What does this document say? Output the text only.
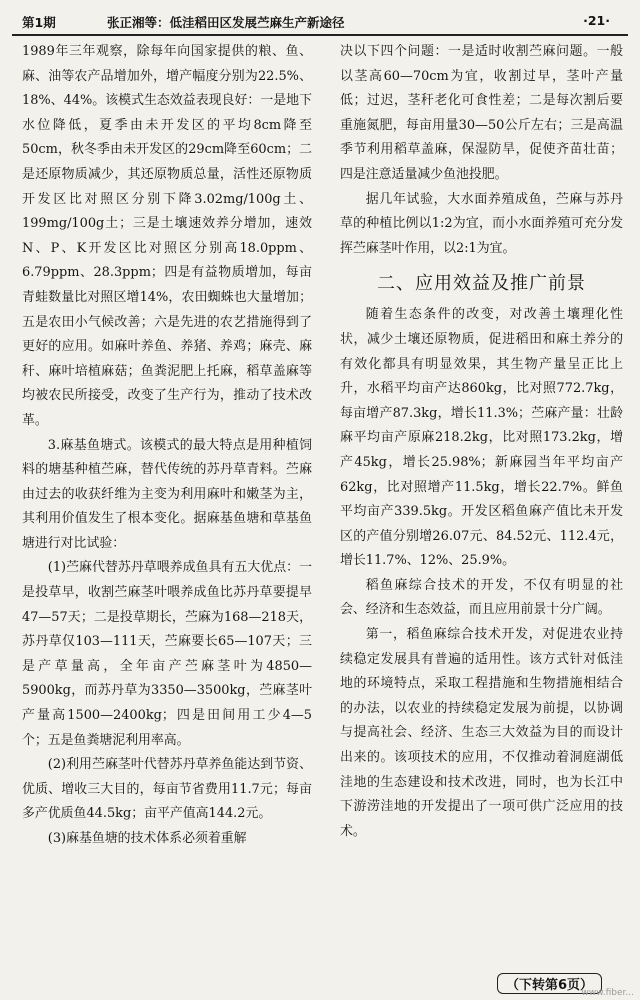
第1期	张正湘等：低洼稻田区发展苎麻生产新途径	·21·

1989年三年观察，除每年向国家提供的粮、鱼、麻、油等农产品增加外，增产幅度分别为22.5%、18%、44%。该模式生态效益表现良好：一是地下水位降低，夏季由未开发区的平均8cm降至50cm，秋冬季由未开发区的29cm降至60cm；二是还原物质减少，其还原物质总量，活性还原物质开发区比对照区分别下降3.02mg/100g土、199mg/100g土；三是土壤速效养分增加，速效N、P、K开发区比对照区分别高18.0ppm、6.79ppm、28.3ppm；四是有益物质增加，每亩青蛙数量比对照区增14%，农田蜘蛛也大量增加；五是农田小气候改善；六是先进的农艺措施得到了更好的应用。如麻叶养鱼、养猪、养鸡；麻壳、麻秆、麻叶培植麻菇；鱼粪泥肥上托麻，稻草盖麻等均被农民所接受，改变了生产行为，推动了技术改革。

3.麻基鱼塘式。该模式的最大特点是用种植饲料的塘基种植苎麻，替代传统的苏丹草青料。苎麻由过去的收获纤维为主变为利用麻叶和嫩茎为主，其利用价值发生了根本变化。据麻基鱼塘和草基鱼塘进行对比试验：

(1)苎麻代替苏丹草喂养成鱼具有五大优点：一是投草早，收割苎麻茎叶喂养成鱼比苏丹草要提早47—57天；二是投草期长，苎麻为168—218天，苏丹草仅103—111天，苎麻要长65—107天；三是产草量高，全年亩产苎麻茎叶为4850—5900kg，而苏丹草为3350—3500kg，苎麻茎叶产量高1500—2400kg；四是田间用工少4—5个；五是鱼粪塘泥利用率高。

(2)利用苎麻茎叶代替苏丹草养鱼能达到节资、优质、增收三大目的，每亩节省费用11.7元；每亩多产优质鱼44.5kg；亩平产值高144.2元。

(3)麻基鱼塘的技术体系必须着重解

决以下四个问题：一是适时收割苎麻问题。一般以茎高60—70cm为宜，收割过早，茎叶产量低；过迟，茎秆老化可食性差；二是每次割后要重施氮肥，每亩用量30—50公斤左右；三是高温季节利用稻草盖麻，保湿防旱，促使齐苗壮苗；四是注意适量减少鱼池投肥。

据几年试验，大水面养殖成鱼，苎麻与苏丹草的种植比例以1:2为宜，而小水面养殖可充分发挥苎麻茎叶作用，以2:1为宜。

二、应用效益及推广前景

随着生态条件的改变，对改善土壤理化性状，减少土壤还原物质，促进稻田和麻土养分的有效化都具有明显效果，其生物产量呈正比上升，水稻平均亩产达860kg，比对照772.7kg，每亩增产87.3kg，增长11.3%；苎麻产量：壮龄麻平均亩产原麻218.2kg，比对照173.2kg，增产45kg，增长25.98%；新麻园当年平均亩产62kg，比对照增产11.5kg，增长22.7%。鲜鱼平均亩产339.5kg。开发区稻鱼麻产值比未开发区的产值分别增26.07元、84.52元、112.4元，增长11.7%、12%、25.9%。

稻鱼麻综合技术的开发，不仅有明显的社会、经济和生态效益，而且应用前景十分广阔。

第一，稻鱼麻综合技术开发，对促进农业持续稳定发展具有普遍的适用性。该方式针对低洼地的环境特点，采取工程措施和生物措施相结合的办法，以农业的持续稳定发展为前提，以协调与提高社会、经济、生态三大效益为目的而设计出来的。该项技术的应用，不仅推动着洞庭湖低洼地的生态建设和技术改进，同时，也为长江中下游涝洼地的开发提出了一项可供广泛应用的技术。

（下转第6页）
www.fiber...
